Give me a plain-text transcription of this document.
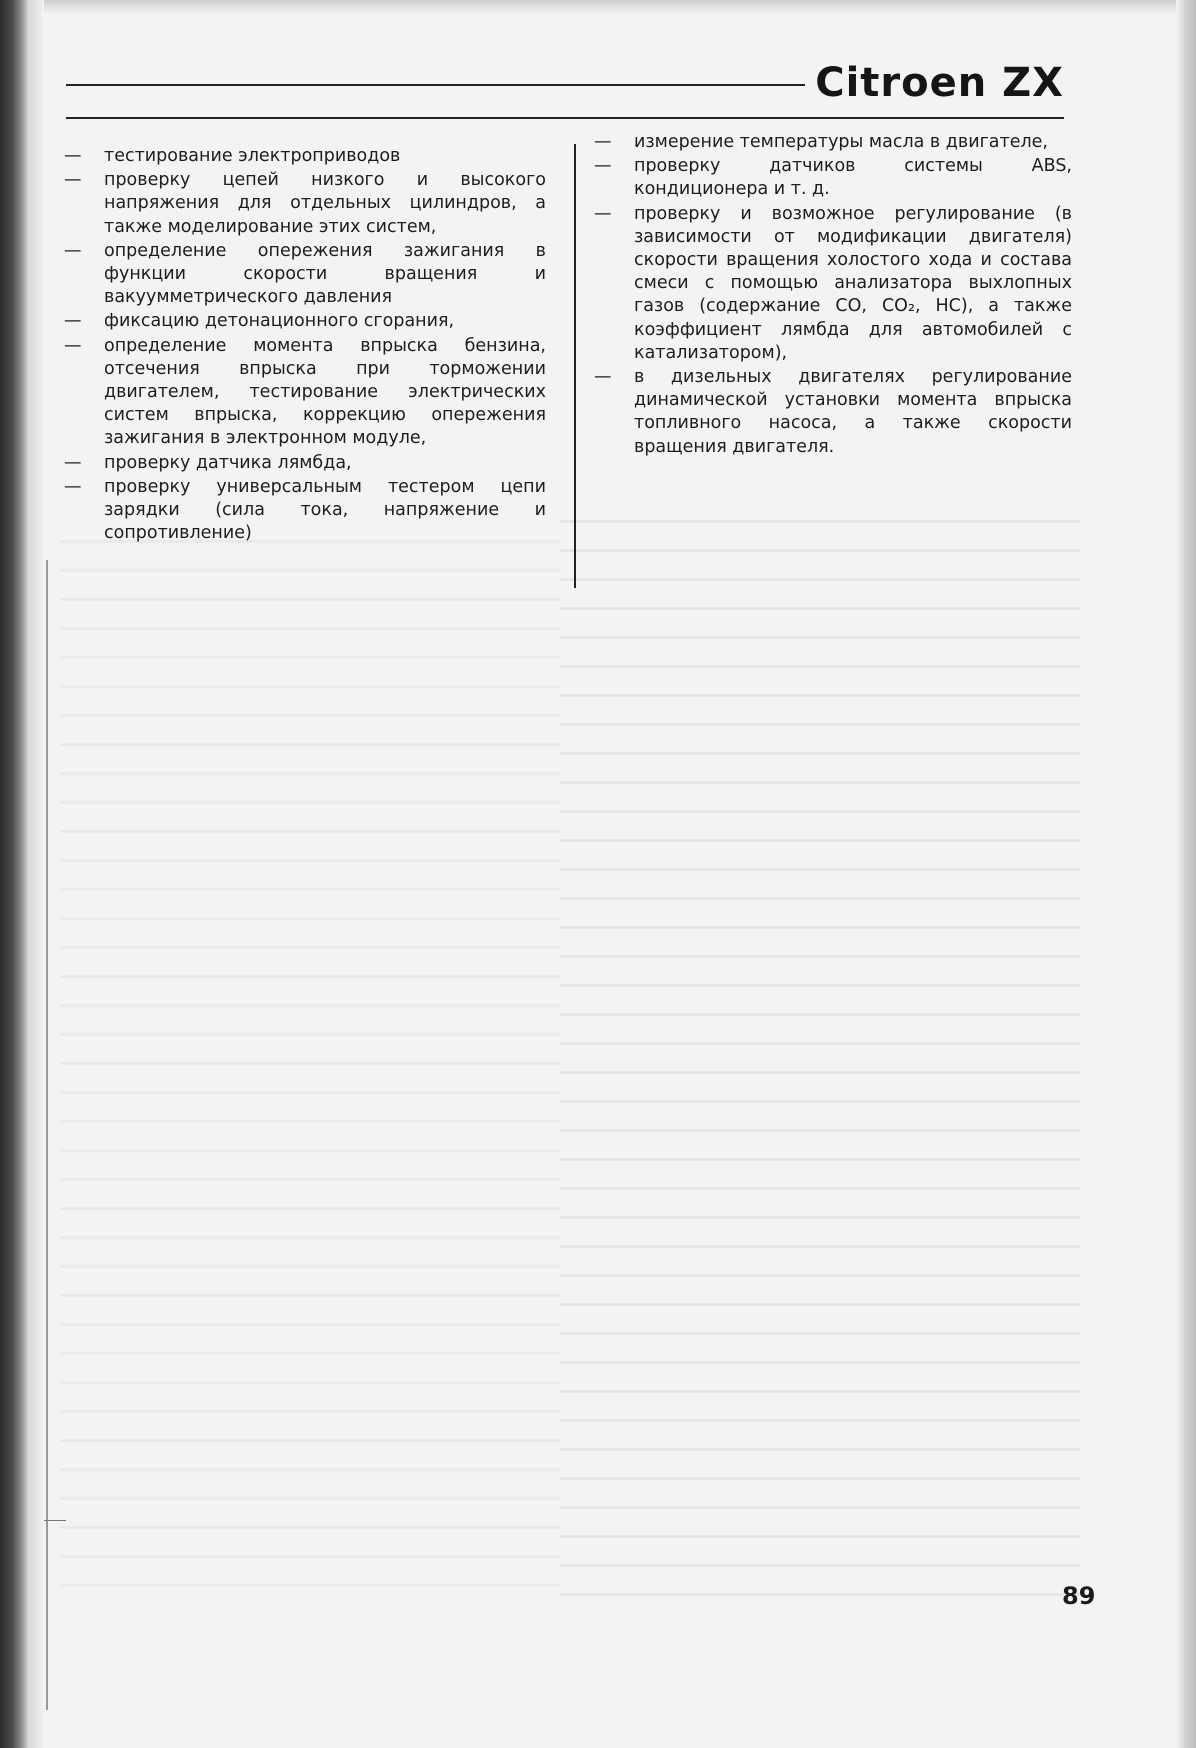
Citroen ZX
—	тестирование электроприводов
—	проверку цепей низкого и высокого напряжения для отдельных цилиндров, а также моделирование этих систем,
—	определение опережения зажигания в функции скорости вращения и вакуумметрического давления
—	фиксацию детонационного сгорания,
—	определение момента впрыска бензина, отсечения впрыска при торможении двигателем, тестирование электрических систем впрыска, коррекцию опережения зажигания в электронном модуле,
—	проверку датчика лямбда,
—	проверку универсальным тестером цепи зарядки (сила тока, напряжение и сопротивление)
—	измерение температуры масла в двигателе,
—	проверку датчиков системы ABS, кондиционера и т. д.
—	проверку и возможное регулирование (в зависимости от модификации двигателя) скорости вращения холостого хода и состава смеси с помощью анализатора выхлопных газов (содержание CO, CO₂, HC), а также коэффициент лямбда для автомобилей с катализатором),
—	в дизельных двигателях регулирование динамической установки момента впрыска топливного насоса, а также скорости вращения двигателя.
89
